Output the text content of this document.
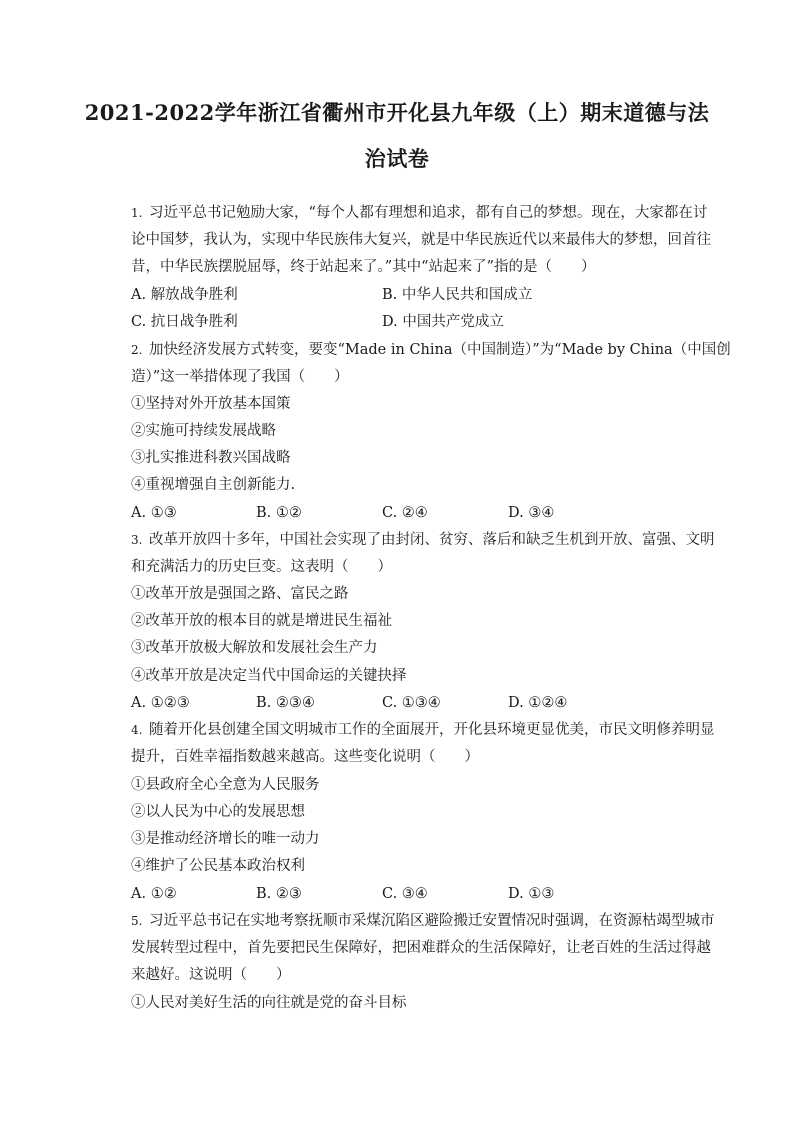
2021-2022学年浙江省衢州市开化县九年级（上）期末道德与法
治试卷
1. 习近平总书记勉励大家，“每个人都有理想和追求，都有自己的梦想。现在，大家都在讨
论中国梦，我认为，实现中华民族伟大复兴，就是中华民族近代以来最伟大的梦想，回首往
昔，中华民族摆脱屈辱，终于站起来了。”其中“站起来了”指的是（　　）
A. 解放战争胜利	B. 中华人民共和国成立
C. 抗日战争胜利	D. 中国共产党成立
2. 加快经济发展方式转变，要变“Made in China（中国制造）”为“Made by China（中国创
造）”这一举措体现了我国（　　）
①坚持对外开放基本国策
②实施可持续发展战略
③扎实推进科教兴国战略
④重视增强自主创新能力.
A. ①③	B. ①②	C. ②④	D. ③④
3. 改革开放四十多年，中国社会实现了由封闭、贫穷、落后和缺乏生机到开放、富强、文明
和充满活力的历史巨变。这表明（　　）
①改革开放是强国之路、富民之路
②改革开放的根本目的就是增进民生福祉
③改革开放极大解放和发展社会生产力
④改革开放是决定当代中国命运的关键抉择
A. ①②③	B. ②③④	C. ①③④	D. ①②④
4. 随着开化县创建全国文明城市工作的全面展开，开化县环境更显优美，市民文明修养明显
提升，百姓幸福指数越来越高。这些变化说明（　　）
①县政府全心全意为人民服务
②以人民为中心的发展思想
③是推动经济增长的唯一动力
④维护了公民基本政治权利
A. ①②	B. ②③	C. ③④	D. ①③
5. 习近平总书记在实地考察抚顺市采煤沉陷区避险搬迁安置情况时强调，在资源枯竭型城市
发展转型过程中，首先要把民生保障好，把困难群众的生活保障好，让老百姓的生活过得越
来越好。这说明（　　）
①人民对美好生活的向往就是党的奋斗目标
